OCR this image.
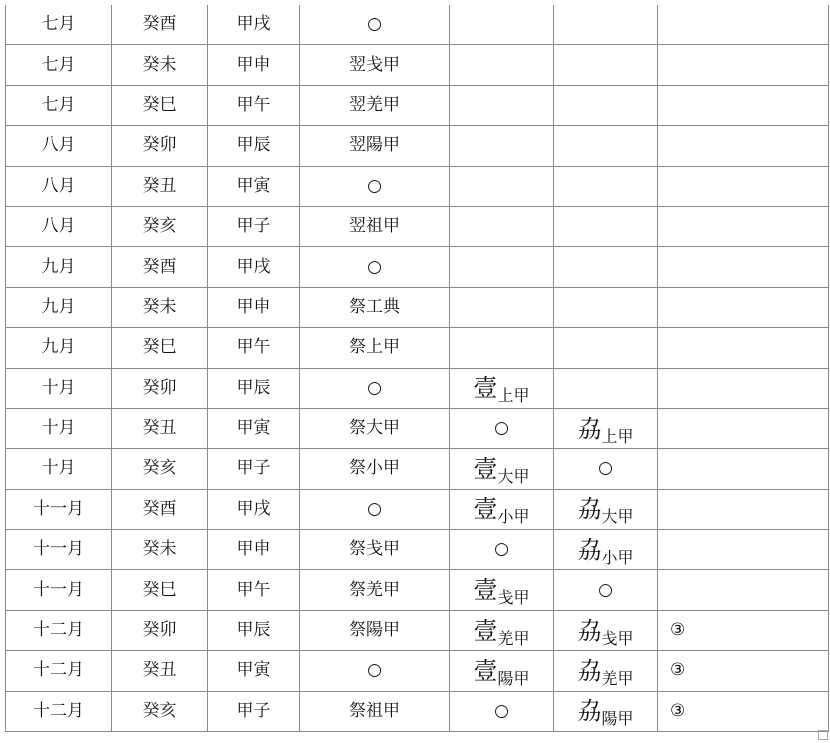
七月	癸酉	甲戌	○			

七月	癸未	甲申	翌戋甲			

七月	癸巳	甲午	翌羌甲			

八月	癸卯	甲辰	翌陽甲			

八月	癸丑	甲寅	○			

八月	癸亥	甲子	翌祖甲			

九月	癸酉	甲戌	○			

九月	癸未	甲申	祭工典			

九月	癸巳	甲午	祭上甲			

十月	癸卯	甲辰	○	壹上甲		

十月	癸丑	甲寅	祭大甲	○	劦上甲	

十月	癸亥	甲子	祭小甲	壹大甲	○	

十一月	癸酉	甲戌	○	壹小甲	劦大甲	

十一月	癸未	甲申	祭戋甲	○	劦小甲	

十一月	癸巳	甲午	祭羌甲	壹戋甲	○	

十二月	癸卯	甲辰	祭陽甲	壹羌甲	劦戋甲	③

十二月	癸丑	甲寅	○	壹陽甲	劦羌甲	③

十二月	癸亥	甲子	祭祖甲	○	劦陽甲	③
